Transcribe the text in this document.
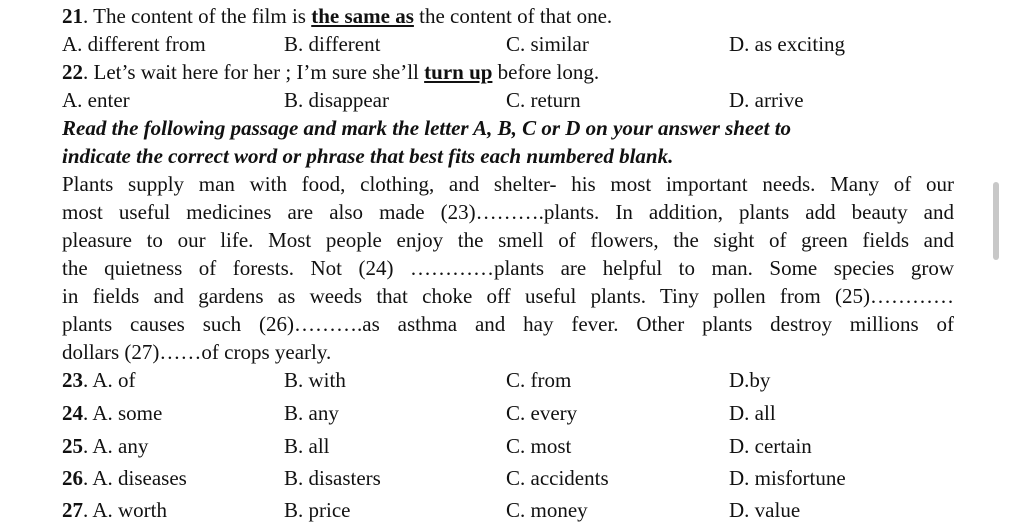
21. The content of the film is the same as the content of that one.
A. different from	B. different	C. similar	D. as exciting
22. Let’s wait here for her ; I’m sure she’ll turn up before long.
A. enter	B. disappear	C. return	D. arrive
Read the following passage and mark the letter A, B, C or D on your answer sheet to
indicate the correct word or phrase that best fits each numbered blank.
Plants supply man with food, clothing, and shelter- his most important needs. Many of our
most useful medicines are also made (23)……….plants. In addition, plants add beauty and
pleasure to our life. Most people enjoy the smell of flowers, the sight of green fields and
the quietness of forests. Not (24) …………plants are helpful to man. Some species grow
in fields and gardens as weeds that choke off useful plants. Tiny pollen from (25)…………
plants causes such (26)……….as asthma and hay fever. Other plants destroy millions of
dollars (27)……of crops yearly.
23. A. of	B. with	C. from	D.by
24. A. some	B. any	C. every	D. all
25. A. any	B. all	C. most	D. certain
26. A. diseases	B. disasters	C. accidents	D. misfortune
27. A. worth	B. price	C. money	D. value
